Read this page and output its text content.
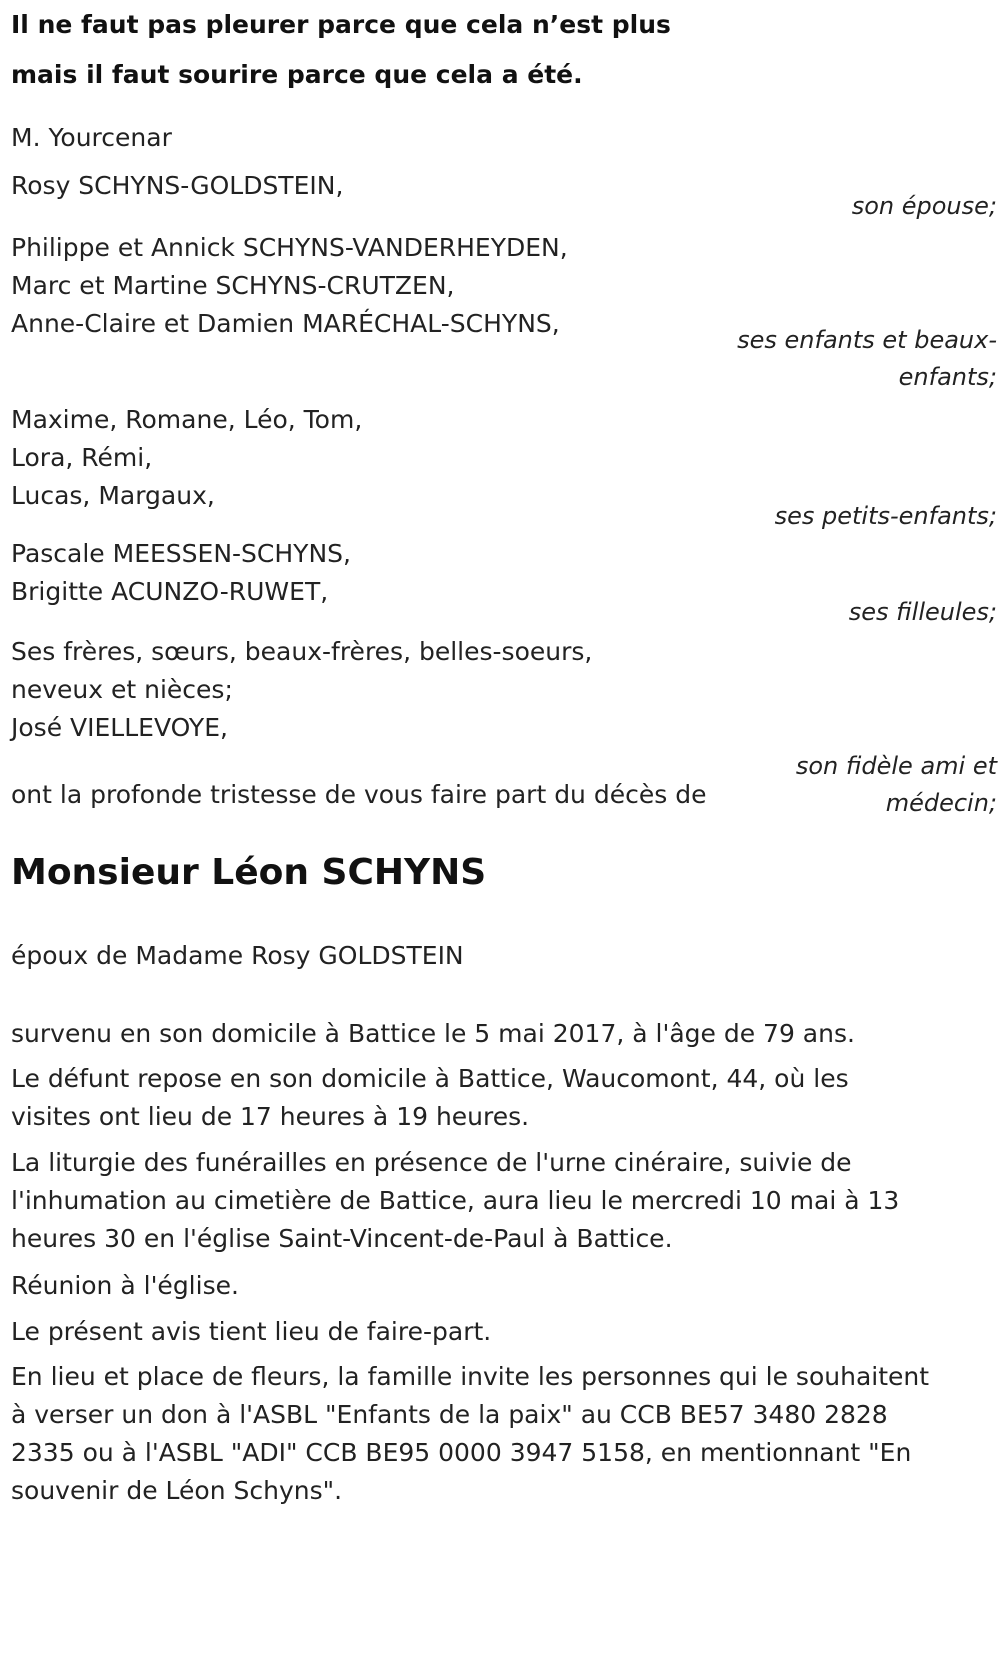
Il ne faut pas pleurer parce que cela n’est plus
mais il faut sourire parce que cela a été.
M. Yourcenar
Rosy SCHYNS-GOLDSTEIN,
son épouse;
Philippe et Annick SCHYNS-VANDERHEYDEN,
Marc et Martine SCHYNS-CRUTZEN,
Anne-Claire et Damien MARÉCHAL-SCHYNS,
ses enfants et beaux-enfants;
Maxime, Romane, Léo, Tom,
Lora, Rémi,
Lucas, Margaux,
ses petits-enfants;
Pascale MEESSEN-SCHYNS,
Brigitte ACUNZO-RUWET,
ses filleules;
Ses frères, sœurs, beaux-frères, belles-soeurs,
neveux et nièces;
José VIELLEVOYE,
son fidèle ami et médecin;
ont la profonde tristesse de vous faire part du décès de
Monsieur Léon SCHYNS
époux de Madame Rosy GOLDSTEIN
survenu en son domicile à Battice le 5 mai 2017, à l'âge de 79 ans.
Le défunt repose en son domicile à Battice, Waucomont, 44, où les visites ont lieu de 17 heures à 19 heures.
La liturgie des funérailles en présence de l'urne cinéraire, suivie de l'inhumation au cimetière de Battice, aura lieu le mercredi 10 mai à 13 heures 30 en l'église Saint-Vincent-de-Paul à Battice.
Réunion à l'église.
Le présent avis tient lieu de faire-part.
En lieu et place de fleurs, la famille invite les personnes qui le souhaitent à verser un don à l'ASBL "Enfants de la paix" au CCB BE57 3480 2828 2335 ou à l'ASBL "ADI" CCB BE95 0000 3947 5158, en mentionnant "En souvenir de Léon Schyns".
